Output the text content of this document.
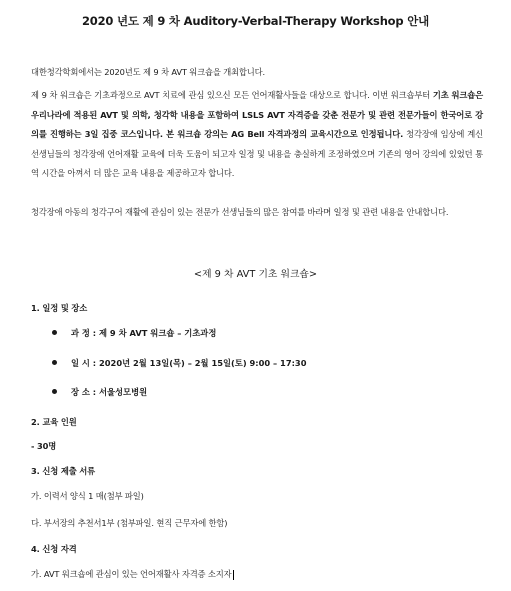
2020 년도 제 9 차 Auditory-Verbal-Therapy Workshop 안내
대한청각학회에서는 2020년도 제 9 차 AVT 워크숍을 개최합니다.
제 9 차 워크숍은 기초과정으로 AVT 치료에 관심 있으신 모든 언어재활사들을 대상으로 합니다. 이번 워크숍부터 기초 워크숍은 우리나라에 적용된 AVT 및 의학, 청각학 내용을 포함하여 LSLS AVT 자격증을 갖춘 전문가 및 관련 전문가들이 한국어로 강의를 진행하는 3일 집중 코스입니다. 본 워크숍 강의는 AG Bell 자격과정의 교육시간으로 인정됩니다. 청각장애 임상에 계신 선생님들의 청각장애 언어재활 교육에 더욱 도움이 되고자 일정 및 내용을 충실하게 조정하였으며 기존의 영어 강의에 있었던 통역 시간을 아껴서 더 많은 교육 내용을 제공하고자 합니다.
청각장애 아동의 청각구어 재활에 관심이 있는 전문가 선생님들의 많은 참여를 바라며 일정 및 관련 내용을 안내합니다.
<제 9 차 AVT 기초 워크숍>
1. 일정 및 장소
과 정 : 제 9 차 AVT 워크숍 – 기초과정
일 시 : 2020년 2월 13일(목) – 2월 15일(토) 9:00 – 17:30
장 소 : 서울성모병원
2. 교육 인원
- 30명
3. 신청 제출 서류
가. 이력서 양식 1 매(첨부 파일)
다. 부서장의 추천서1부 (첨부파일. 현직 근무자에 한함)
4. 신청 자격
가. AVT 워크숍에 관심이 있는 언어재활사 자격증 소지자
